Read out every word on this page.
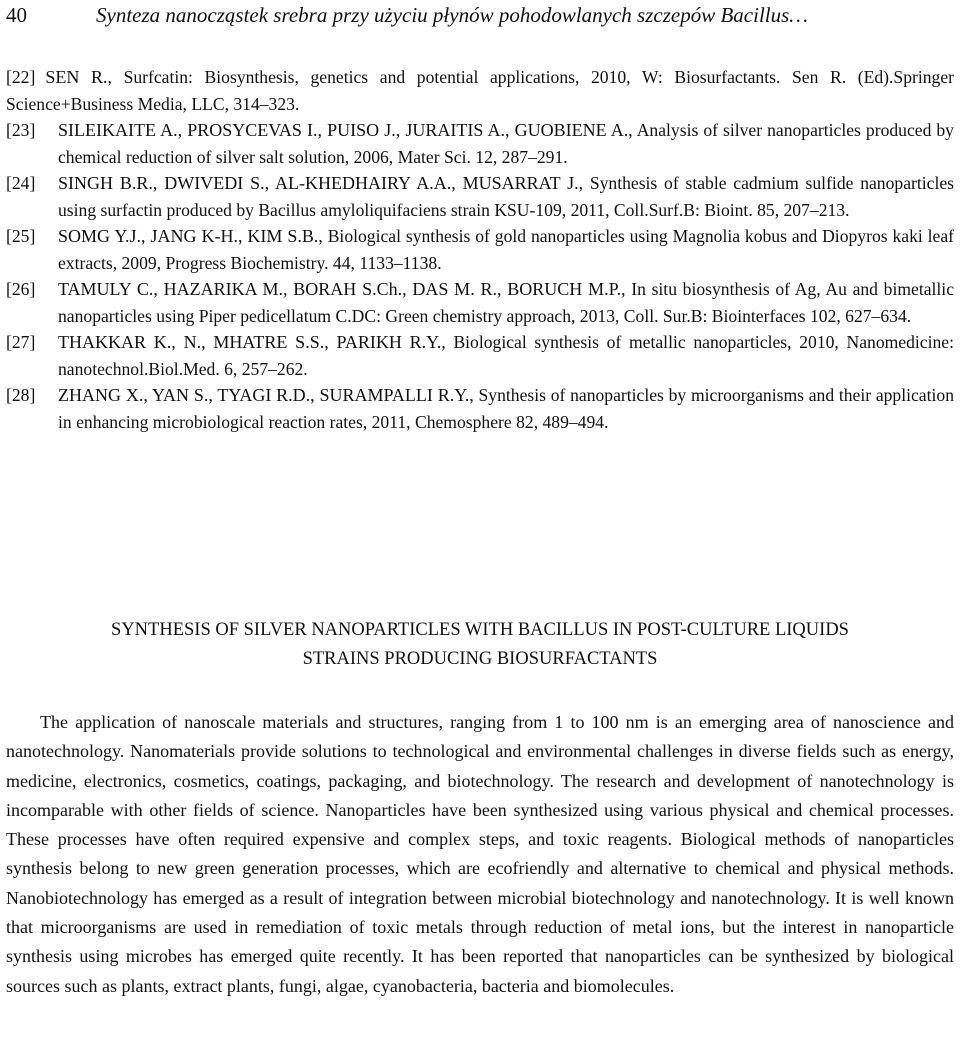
40	Synteza nanocząstek srebra przy użyciu płynów pohodowlanych szczepów Bacillus…

[22] SEN R., Surfcatin: Biosynthesis, genetics and potential applications, 2010, W: Biosurfactants. Sen R. (Ed).Springer Science+Business Media, LLC, 314–323.

[23] SILEIKAITE A., PROSYCEVAS I., PUISO J., JURAITIS A., GUOBIENE A., Analysis of silver nanoparticles produced by chemical reduction of silver salt solution, 2006, Mater Sci. 12, 287–291.

[24] SINGH B.R., DWIVEDI S., AL-KHEDHAIRY A.A., MUSARRAT J., Synthesis of stable cadmium sulfide nanoparticles using surfactin produced by Bacillus amyloliquifaciens strain KSU-109, 2011, Coll.Surf.B: Bioint. 85, 207–213.

[25] SOMG Y.J., JANG K-H., KIM S.B., Biological synthesis of gold nanoparticles using Magnolia kobus and Diopyros kaki leaf extracts, 2009, Progress Biochemistry. 44, 1133–1138.

[26] TAMULY C., HAZARIKA M., BORAH S.Ch., DAS M. R., BORUCH M.P., In situ biosynthesis of Ag, Au and bimetallic nanoparticles using Piper pedicellatum C.DC: Green chemistry approach, 2013, Coll. Sur.B: Biointerfaces 102, 627–634.

[27] THAKKAR K., N., MHATRE S.S., PARIKH R.Y., Biological synthesis of metallic nanoparticles, 2010, Nanomedicine: nanotechnol.Biol.Med. 6, 257–262.

[28] ZHANG X., YAN S., TYAGI R.D., SURAMPALLI R.Y., Synthesis of nanoparticles by microorganisms and their application in enhancing microbiological reaction rates, 2011, Chemosphere 82, 489–494.

SYNTHESIS OF SILVER NANOPARTICLES WITH BACILLUS IN POST-CULTURE LIQUIDS
STRAINS PRODUCING BIOSURFACTANTS

The application of nanoscale materials and structures, ranging from 1 to 100 nm is an emerging area of nanoscience and nanotechnology. Nanomaterials provide solutions to technological and environmental challenges in diverse fields such as energy, medicine, electronics, cosmetics, coatings, packaging, and biotechnology. The research and development of nanotechnology is incomparable with other fields of science. Nanoparticles have been synthesized using various physical and chemical processes. These processes have often required expensive and complex steps, and toxic reagents. Biological methods of nanoparticles synthesis belong to new green generation processes, which are ecofriendly and alternative to chemical and physical methods. Nanobiotechnology has emerged as a result of integration between microbial biotechnology and nanotechnology. It is well known that microorganisms are used in remediation of toxic metals through reduction of metal ions, but the interest in nanoparticle synthesis using microbes has emerged quite recently. It has been reported that nanoparticles can be synthesized by biological sources such as plants, extract plants, fungi, algae, cyanobacteria, bacteria and biomolecules.
